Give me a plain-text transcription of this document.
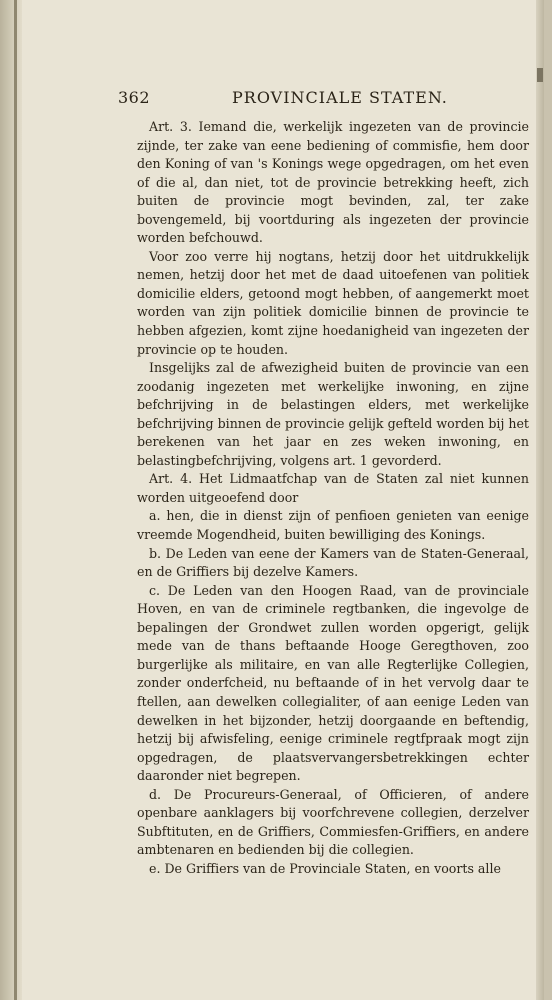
362	PROVINCIALE STATEN.

Art. 3. Iemand die, werkelijk ingezeten van de provincie zijnde, ter zake van eene bediening of commisfie, hem door den Koning of van 's Konings wege opgedragen, om het even of die al, dan niet, tot de provincie betrekking heeft, zich buiten de provincie mogt bevinden, zal, ter zake bovengemeld, bij voortduring als ingezeten der provincie worden befchouwd.

Voor zoo verre hij nogtans, hetzij door het uitdrukkelijk nemen, hetzij door het met de daad uitoefenen van politiek domicilie elders, getoond mogt hebben, of aangemerkt moet worden van zijn politiek domicilie binnen de provincie te hebben afgezien, komt zijne hoedanigheid van ingezeten der provincie op te houden.

Insgelijks zal de afwezigheid buiten de provincie van een zoodanig ingezeten met werkelijke inwoning, en zijne befchrijving in de belastingen elders, met werkelijke befchrijving binnen de provincie gelijk gefteld worden bij het berekenen van het jaar en zes weken inwoning, en belastingbefchrijving, volgens art. 1 gevorderd.

Art. 4. Het Lidmaatfchap van de Staten zal niet kunnen worden uitgeoefend door

a. hen, die in dienst zijn of penfioen genieten van eenige vreemde Mogendheid, buiten bewilliging des Konings.

b. De Leden van eene der Kamers van de Staten-Generaal, en de Griffiers bij dezelve Kamers.

c. De Leden van den Hoogen Raad, van de provinciale Hoven, en van de criminele regtbanken, die ingevolge de bepalingen der Grondwet zullen worden opgerigt, gelijk mede van de thans beftaande Hooge Geregthoven, zoo burgerlijke als militaire, en van alle Regterlijke Collegien, zonder onderfcheid, nu beftaande of in het vervolg daar te ftellen, aan dewelken collegialiter, of aan eenige Leden van dewelken in het bijzonder, hetzij doorgaande en beftendig, hetzij bij afwisfeling, eenige criminele regtfpraak mogt zijn opgedragen, de plaatsvervangersbetrekkingen echter daaronder niet begrepen.

d. De Procureurs-Generaal, of Officieren, of andere openbare aanklagers bij voorfchrevene collegien, derzelver Subftituten, en de Griffiers, Commiesfen-Griffiers, en andere ambtenaren en bedienden bij die collegien.

e. De Griffiers van de Provinciale Staten, en voorts alle
